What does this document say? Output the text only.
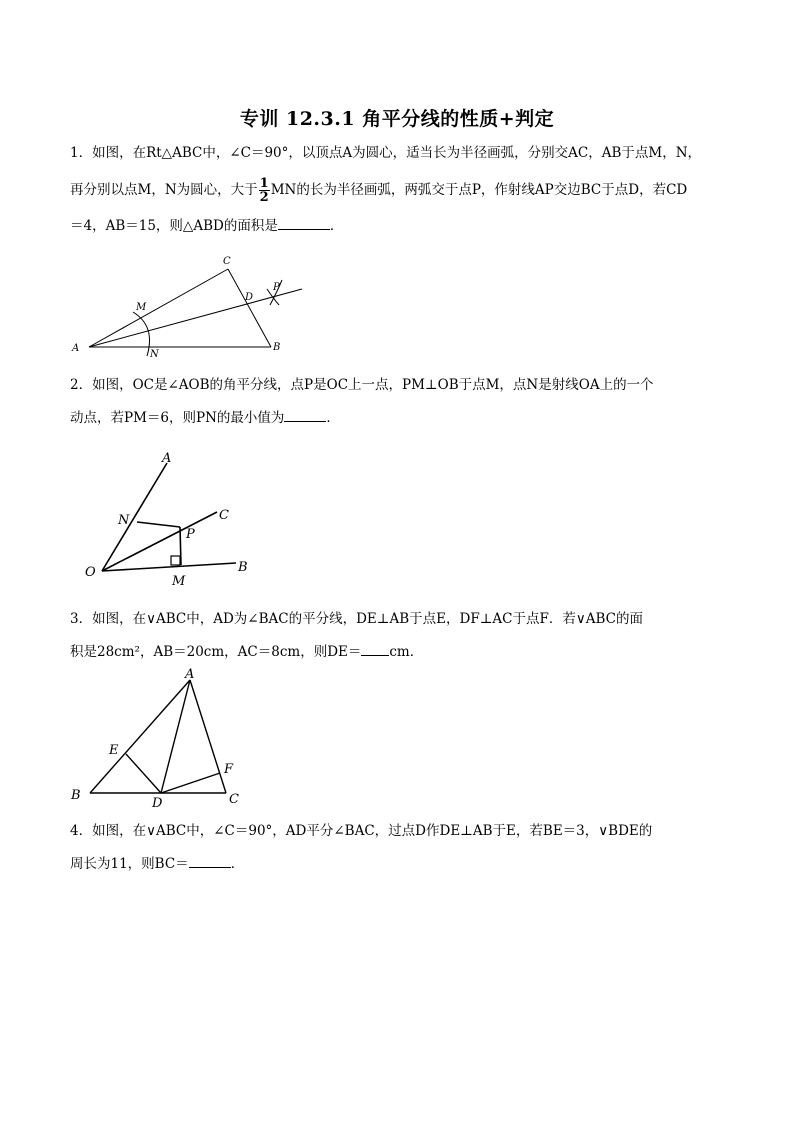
专训 12.3.1 角平分线的性质+判定
1．如图，在Rt△ABC中，∠C＝90°，以顶点A为圆心，适当长为半径画弧，分别交AC，AB于点M，N，
再分别以点M，N为圆心，大于 $\frac{1}{2}$ MN的长为半径画弧，两弧交于点P，作射线AP交边BC于点D，若CD
＝4，AB＝15，则△ABD的面积是	．
A	B
C
D
M
N
P
2．如图，OC是∠AOB的角平分线，点P是OC上一点，PM⊥OB于点M，点N是射线OA上的一个
动点，若PM＝6，则PN的最小值为	．
A
B
C
N
O
P
M
3．如图，在∨ABC中，AD为∠BAC的平分线，DE⊥AB于点E，DF⊥AC于点F．若∨ABC的面
积是28cm²，AB＝20cm，AC＝8cm，则DE＝ cm．
A
B	C
D
E
F
4．如图，在∨ABC中，∠C＝90°，AD平分∠BAC，过点D作DE⊥AB于E，若BE＝3，∨BDE的
周长为11，则BC＝	．
